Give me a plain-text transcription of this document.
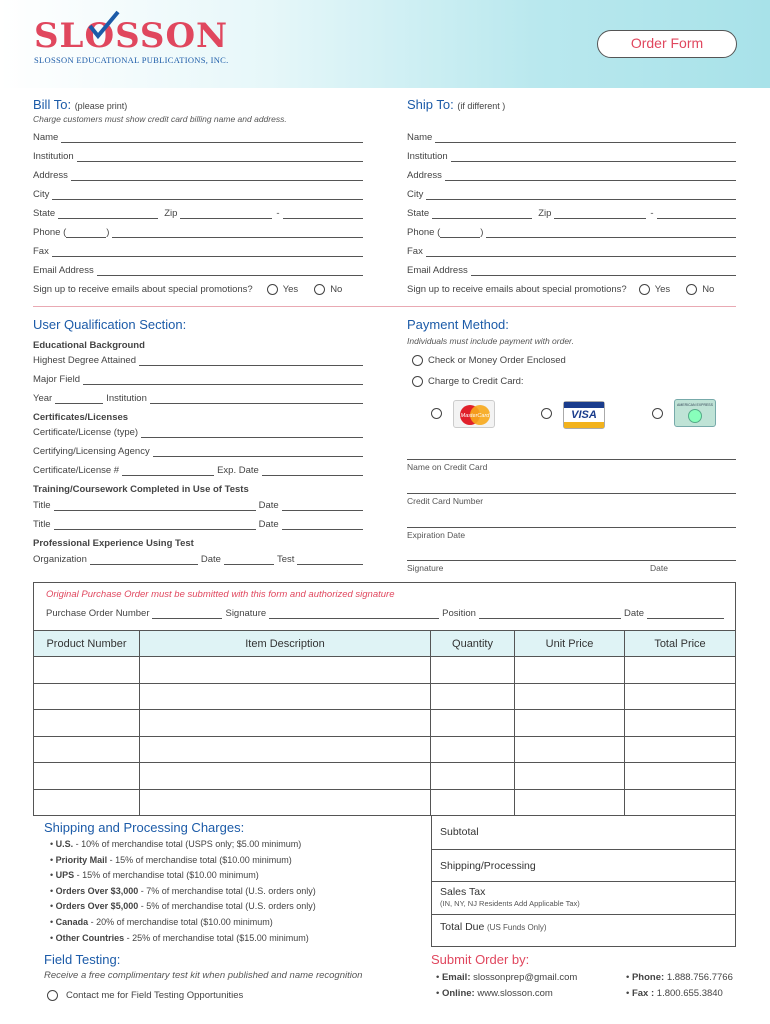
SLOSSON
SLOSSON EDUCATIONAL PUBLICATIONS, INC.
Order Form
Bill To: (please print)
Charge customers must show credit card billing name and address.
Name
Institution
Address
City
State	Zip	-
Phone (	)
Fax
Email Address
Sign up to receive emails about special promotions?	Yes	No
Ship To: (if different )
Name
Institution
Address
City
State	Zip	-
Phone (	)
Fax
Email Address
Sign up to receive emails about special promotions?	Yes	No
User Qualification Section:
Educational Background
Highest Degree Attained
Major Field
Year	Institution
Certificates/Licenses
Certificate/License (type)
Certifying/Licensing Agency
Certificate/License #	Exp. Date
Training/Coursework Completed in Use of Tests
Title	Date
Title	Date
Professional Experience Using Test
Organization	Date	Test
Payment Method:
Individuals must include payment with order.
Check or Money Order Enclosed
Charge to Credit Card:
MasterCard	VISA
AMERICAN EXPRESS
Name on Credit Card
Credit Card Number
Expiration Date
Signature	Date
Original Purchase Order must be submitted with this form and authorized signature
Purchase Order Number	Signature	Position	Date
Product Number	Item Description	Quantity	Unit Price	Total Price

Shipping and Processing Charges:
• U.S. - 10% of merchandise total (USPS only; $5.00 minimum)
• Priority Mail - 15% of merchandise total ($10.00 minimum)
• UPS - 15% of merchandise total ($10.00 minimum)
• Orders Over $3,000 - 7% of merchandise total (U.S. orders only)
• Orders Over $5,000 - 5% of merchandise total (U.S. orders only)
• Canada - 20% of merchandise total ($10.00 minimum)
• Other Countries - 25% of merchandise total ($15.00 minimum)
Subtotal
Shipping/Processing
Sales Tax
(IN, NY, NJ Residents Add Applicable Tax)
Total Due (US Funds Only)
Field Testing:
Receive a free complimentary test kit when published and name recognition
Contact me for Field Testing Opportunities
Submit Order by:
• Email:
slossonprep@gmail.com
• Online:
www.slosson.com
• Phone:
1.888.756.7766
• Fax :
1.800.655.3840
